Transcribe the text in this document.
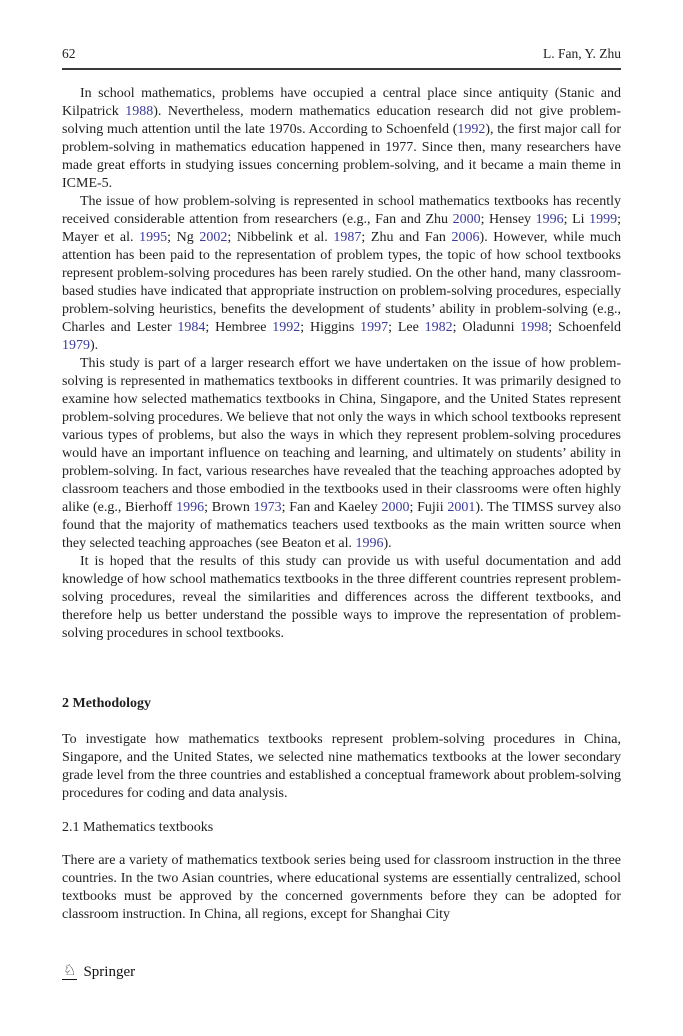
62	L. Fan, Y. Zhu

In school mathematics, problems have occupied a central place since antiquity (Stanic and Kilpatrick 1988). Nevertheless, modern mathematics education research did not give problem-solving much attention until the late 1970s. According to Schoenfeld (1992), the first major call for problem-solving in mathematics education happened in 1977. Since then, many researchers have made great efforts in studying issues concerning problem-solving, and it became a main theme in ICME-5.

The issue of how problem-solving is represented in school mathematics textbooks has recently received considerable attention from researchers (e.g., Fan and Zhu 2000; Hensey 1996; Li 1999; Mayer et al. 1995; Ng 2002; Nibbelink et al. 1987; Zhu and Fan 2006). However, while much attention has been paid to the representation of problem types, the topic of how school textbooks represent problem-solving procedures has been rarely studied. On the other hand, many classroom-based studies have indicated that appropriate instruction on problem-solving procedures, especially problem-solving heuristics, benefits the development of students’ ability in problem-solving (e.g., Charles and Lester 1984; Hembree 1992; Higgins 1997; Lee 1982; Oladunni 1998; Schoenfeld 1979).

This study is part of a larger research effort we have undertaken on the issue of how problem-solving is represented in mathematics textbooks in different countries. It was primarily designed to examine how selected mathematics textbooks in China, Singapore, and the United States represent problem-solving procedures. We believe that not only the ways in which school textbooks represent various types of problems, but also the ways in which they represent problem-solving procedures would have an important influence on teaching and learning, and ultimately on students’ ability in problem-solving. In fact, various researches have revealed that the teaching approaches adopted by classroom teachers and those embodied in the textbooks used in their classrooms were often highly alike (e.g., Bierhoff 1996; Brown 1973; Fan and Kaeley 2000; Fujii 2001). The TIMSS survey also found that the majority of mathematics teachers used textbooks as the main written source when they selected teaching approaches (see Beaton et al. 1996).

It is hoped that the results of this study can provide us with useful documentation and add knowledge of how school mathematics textbooks in the three different countries represent problem-solving procedures, reveal the similarities and differences across the different textbooks, and therefore help us better understand the possible ways to improve the representation of problem-solving procedures in school textbooks.

2 Methodology

To investigate how mathematics textbooks represent problem-solving procedures in China, Singapore, and the United States, we selected nine mathematics textbooks at the lower secondary grade level from the three countries and established a conceptual framework about problem-solving procedures for coding and data analysis.

2.1 Mathematics textbooks

There are a variety of mathematics textbook series being used for classroom instruction in the three countries. In the two Asian countries, where educational systems are essentially centralized, school textbooks must be approved by the concerned governments before they can be adopted for classroom instruction. In China, all regions, except for Shanghai City

♘ Springer
